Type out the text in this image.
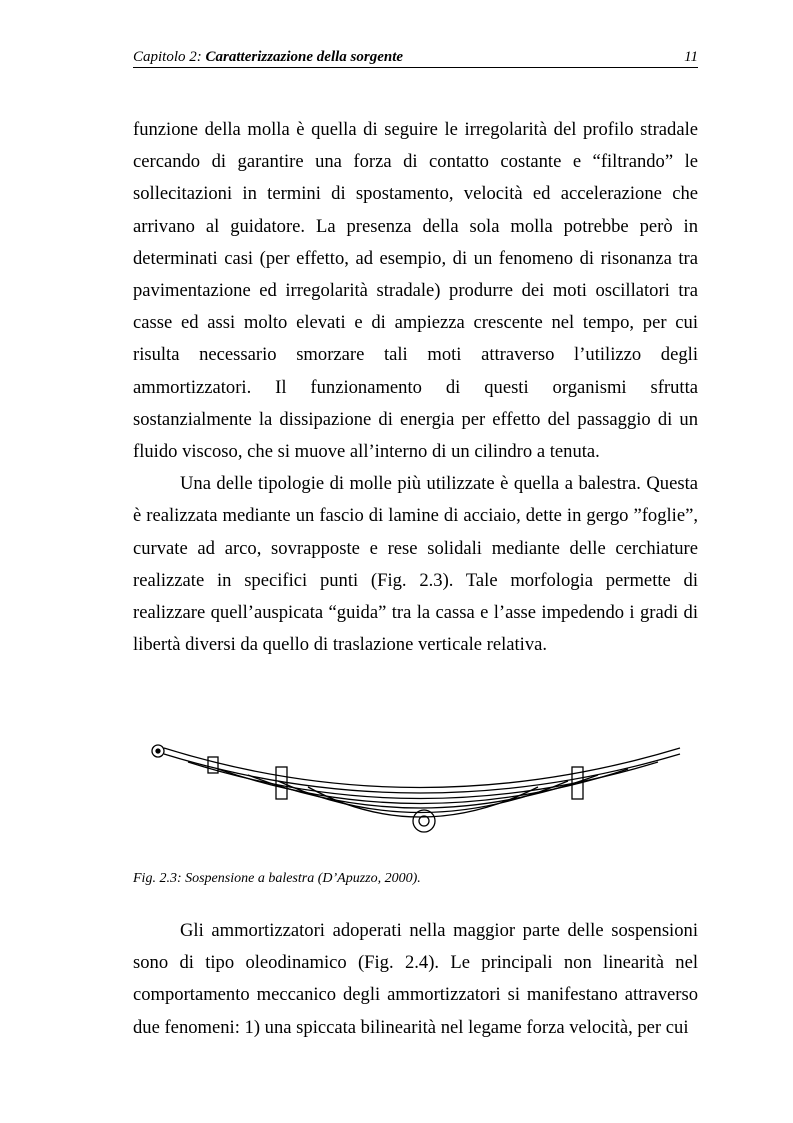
Capitolo 2: Caratterizzazione della sorgente	11

funzione della molla è quella di seguire le irregolarità del profilo stradale cercando di garantire una forza di contatto costante e “filtrando” le sollecitazioni in termini di spostamento, velocità ed accelerazione che arrivano al guidatore. La presenza della sola molla potrebbe però in determinati casi (per effetto, ad esempio, di un fenomeno di risonanza tra pavimentazione ed irregolarità stradale) produrre dei moti oscillatori tra casse ed assi molto elevati e di ampiezza crescente nel tempo, per cui risulta necessario smorzare tali moti attraverso l’utilizzo degli ammortizzatori. Il funzionamento di questi organismi sfrutta sostanzialmente la dissipazione di energia per effetto del passaggio di un fluido viscoso, che si muove all’interno di un cilindro a tenuta.

Una delle tipologie di molle più utilizzate è quella a balestra. Questa è realizzata mediante un fascio di lamine di acciaio, dette in gergo ”foglie”, curvate ad arco, sovrapposte e rese solidali mediante delle cerchiature realizzate in specifici punti (Fig. 2.3). Tale morfologia permette di realizzare quell’auspicata “guida” tra la cassa e l’asse impedendo i gradi di libertà diversi da quello di traslazione verticale relativa.

Fig. 2.3: Sospensione a balestra (D’Apuzzo, 2000).

Gli ammortizzatori adoperati nella maggior parte delle sospensioni sono di tipo oleodinamico (Fig. 2.4). Le principali non linearità nel comportamento meccanico degli ammortizzatori si manifestano attraverso due fenomeni: 1) una spiccata bilinearità nel legame forza velocità, per cui
